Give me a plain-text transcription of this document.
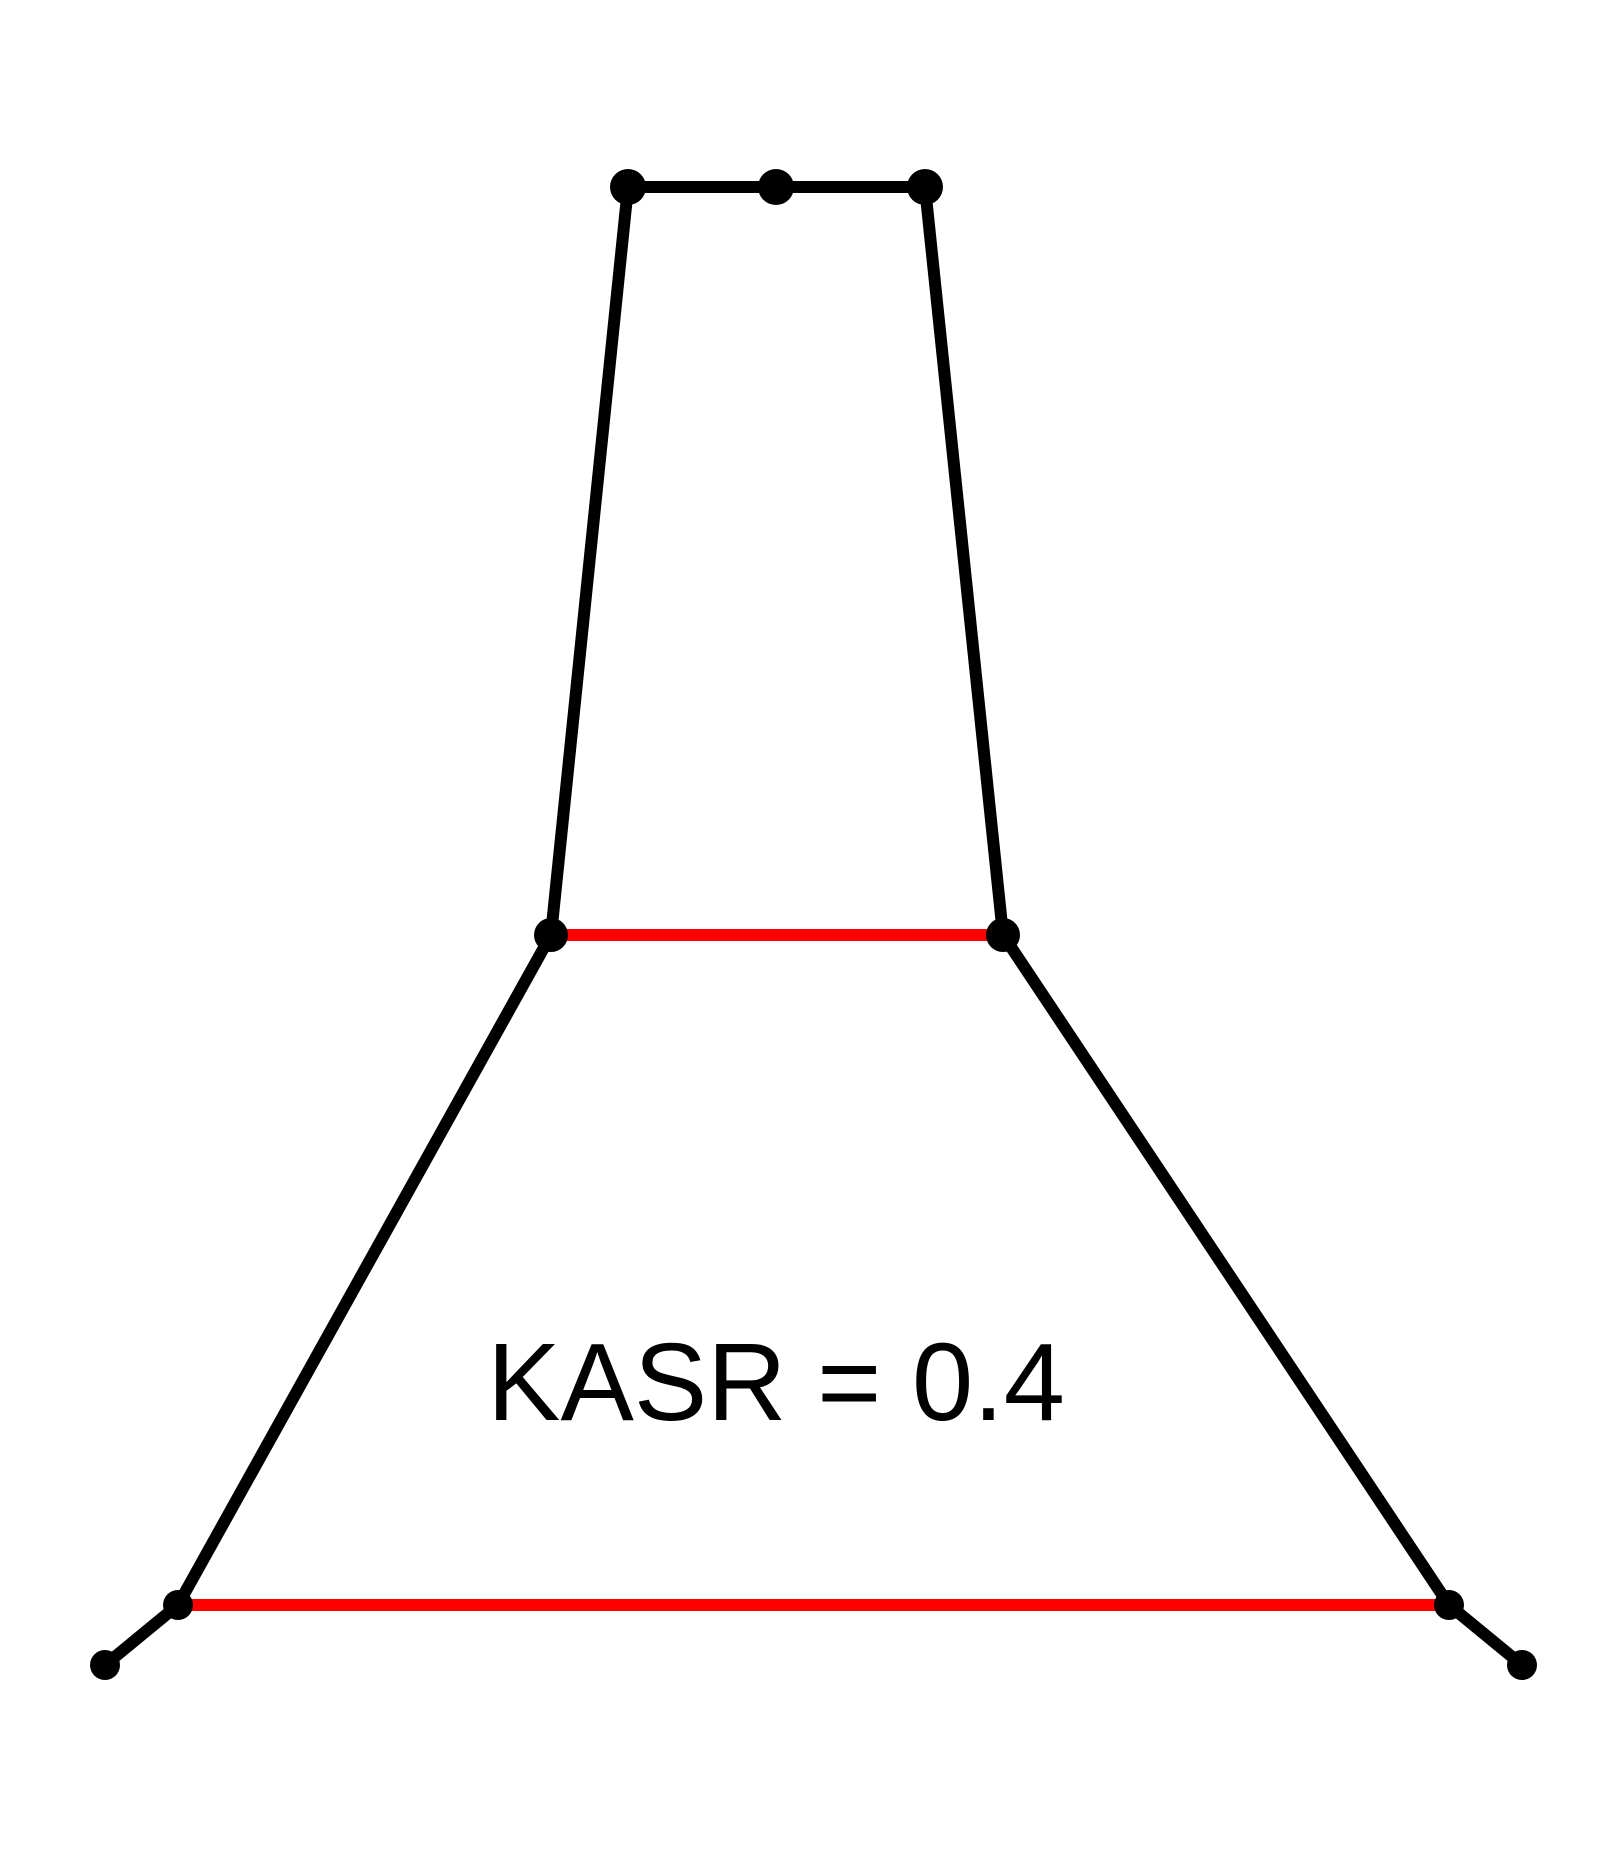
KASR = 0.4
